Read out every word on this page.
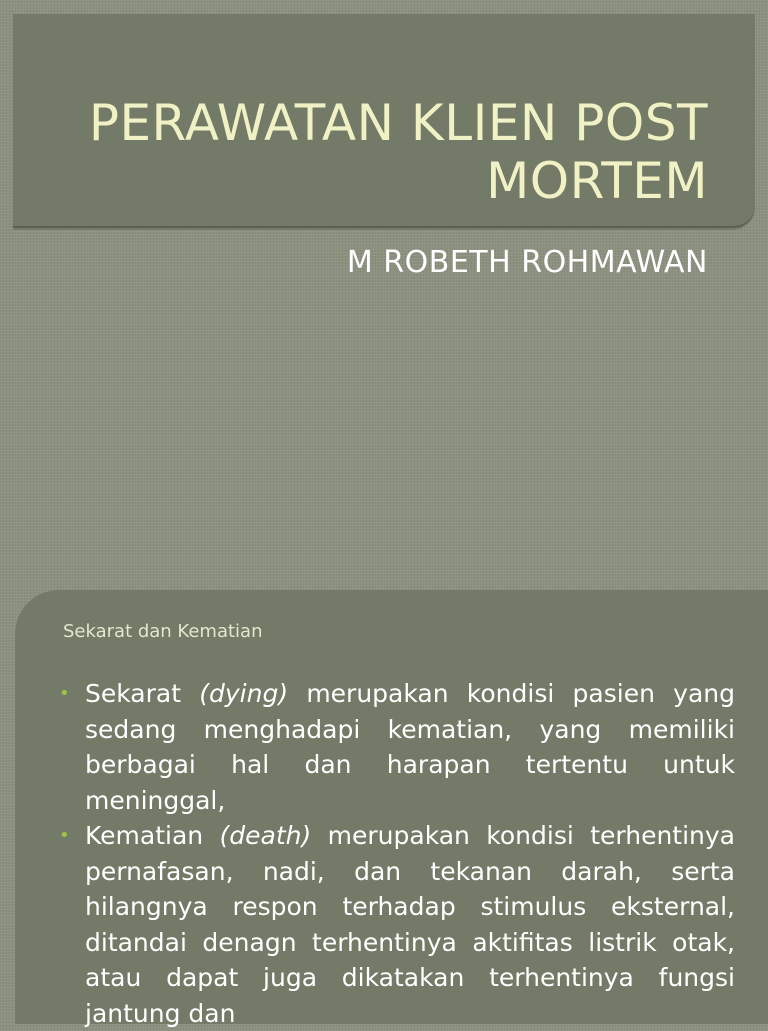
PERAWATAN KLIEN POST MORTEM
M ROBETH ROHMAWAN
Sekarat dan Kematian
• Sekarat (dying) merupakan kondisi pasien yang sedang menghadapi kematian, yang memiliki berbagai hal dan harapan tertentu untuk meninggal,
• Kematian (death) merupakan kondisi terhentinya pernafasan, nadi, dan tekanan darah, serta hilangnya respon terhadap stimulus eksternal, ditandai denagn terhentinya aktifitas listrik otak, atau dapat juga dikatakan terhentinya fungsi jantung dan
